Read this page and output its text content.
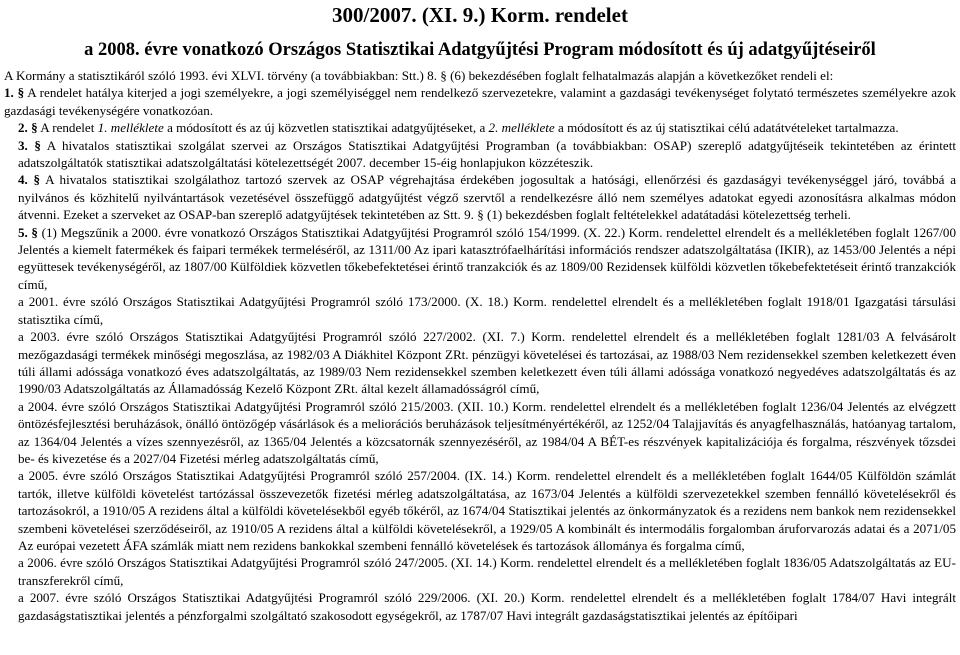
300/2007. (XI. 9.) Korm. rendelet
a 2008. évre vonatkozó Országos Statisztikai Adatgyűjtési Program módosított és új adatgyűjtéseiről

A Kormány a statisztikáról szóló 1993. évi XLVI. törvény (a továbbiakban: Stt.) 8. § (6) bekezdésében foglalt felhatalmazás alapján a következőket rendeli el:

1. § A rendelet hatálya kiterjed a jogi személyekre, a jogi személyiséggel nem rendelkező szervezetekre, valamint a gazdasági tevékenységet folytató természetes személyekre azok gazdasági tevékenységére vonatkozóan.

2. § A rendelet 1. melléklete a módosított és az új közvetlen statisztikai adatgyűjtéseket, a 2. melléklete a módosított és az új statisztikai célú adatátvételeket tartalmazza.

3. § A hivatalos statisztikai szolgálat szervei az Országos Statisztikai Adatgyűjtési Programban (a továbbiakban: OSAP) szereplő adatgyűjtéseik tekintetében az érintett adatszolgáltatók statisztikai adatszolgáltatási kötelezettségét 2007. december 15-éig honlapjukon közzéteszik.

4. § A hivatalos statisztikai szolgálathoz tartozó szervek az OSAP végrehajtása érdekében jogosultak a hatósági, ellenőrzési és gazdaságyi tevékenységgel járó, továbbá a nyilvános és közhitelű nyilvántartások vezetésével összefüggő adatgyűjtést végző szervtől a rendelkezésre álló nem személyes adatokat egyedi azonosításra alkalmas módon átvenni. Ezeket a szerveket az OSAP-ban szereplő adatgyűjtések tekintetében az Stt. 9. § (1) bekezdésben foglalt feltételekkel adatátadási kötelezettség terheli.

5. § (1) Megszűnik a 2000. évre vonatkozó Országos Statisztikai Adatgyűjtési Programról szóló 154/1999. (X. 22.) Korm. rendelettel elrendelt és a mellékletében foglalt 1267/00 Jelentés a kiemelt fatermékek és faipari termékek termeléséről, az 1311/00 Az ipari katasztrófaelhárítási információs rendszer adatszolgáltatása (IKIR), az 1453/00 Jelentés a népi együttesek tevékenységéről, az 1807/00 Külföldiek közvetlen tőkebefektetései érintő tranzakciók és az 1809/00 Rezidensek külföldi közvetlen tőkebefektetéseit érintő tranzakciók című,

a 2001. évre szóló Országos Statisztikai Adatgyűjtési Programról szóló 173/2000. (X. 18.) Korm. rendelettel elrendelt és a mellékletében foglalt 1918/01 Igazgatási társulási statisztika című,

a 2003. évre szóló Országos Statisztikai Adatgyűjtési Programról szóló 227/2002. (XI. 7.) Korm. rendelettel elrendelt és a mellékletében foglalt 1281/03 A felvásárolt mezőgazdasági termékek minőségi megoszlása, az 1982/03 A Diákhitel Központ ZRt. pénzügyi követelései és tartozásai, az 1988/03 Nem rezidensekkel szemben keletkezett éven túli állami adóssága vonatkozó éves adatszolgáltatás, az 1989/03 Nem rezidensekkel szemben keletkezett éven túli állami adóssága vonatkozó negyedéves adatszolgáltatás és az 1990/03 Adatszolgáltatás az Államadósság Kezelő Központ ZRt. által kezelt államadósságról című,

a 2004. évre szóló Országos Statisztikai Adatgyűjtési Programról szóló 215/2003. (XII. 10.) Korm. rendelettel elrendelt és a mellékletében foglalt 1236/04 Jelentés az elvégzett öntözésfejlesztési beruházások, önálló öntözőgép vásárlások és a meliorációs beruházások teljesítményértékéről, az 1252/04 Talajjavítás és anyagfelhasználás, hatóanyag tartalom, az 1364/04 Jelentés a vízes szennyezésről, az 1365/04 Jelentés a közcsatornák szennyezéséről, az 1984/04 A BÉT-es részvények kapitalizációja és forgalma, részvények tőzsdei be- és kivezetése és a 2027/04 Fizetési mérleg adatszolgáltatás című,

a 2005. évre szóló Országos Statisztikai Adatgyűjtési Programról szóló 257/2004. (IX. 14.) Korm. rendelettel elrendelt és a mellékletében foglalt 1644/05 Külföldön számlát tartók, illetve külföldi követelést tartózással összevezetők fizetési mérleg adatszolgáltatása, az 1673/04 Jelentés a külföldi szervezetekkel szemben fennálló követelésekről és tartozásokról, a 1910/05 A rezidens által a külföldi követelésekből egyéb tőkéről, az 1674/04 Statisztikai jelentés az önkormányzatok és a rezidens nem bankok nem rezidensekkel szembeni követelései szerződéseiről, az 1910/05 A rezidens által a külföldi követelésekről, a 1929/05 A kombinált és intermodális forgalomban áruforvarozás adatai és a 2071/05 Az európai vezetett ÁFA számlák miatt nem rezidens bankokkal szembeni fennálló követelések és tartozások állománya és forgalma című,

a 2006. évre szóló Országos Statisztikai Adatgyűjtési Programról szóló 247/2005. (XI. 14.) Korm. rendelettel elrendelt és a mellékletében foglalt 1836/05 Adatszolgáltatás az EU-transzferekről című,

a 2007. évre szóló Országos Statisztikai Adatgyűjtési Programról szóló 229/2006. (XI. 20.) Korm. rendelettel elrendelt és a mellékletében foglalt 1784/07 Havi integrált gazdaságstatisztikai jelentés a pénzforgalmi szolgáltató szakosodott egységekről, az 1787/07 Havi integrált gazdaságstatisztikai jelentés az építőipari
